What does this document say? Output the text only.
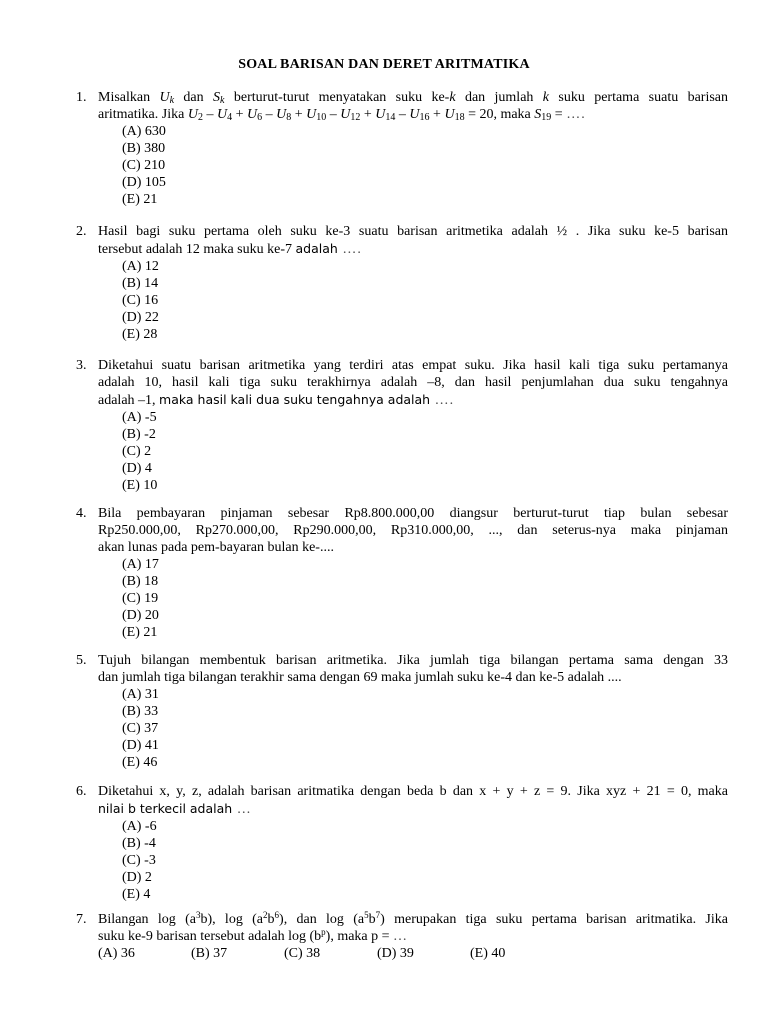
SOAL BARISAN DAN DERET ARITMATIKA
1. Misalkan $U_k$ dan $S_k$ berturut-turut menyatakan suku ke-k dan jumlah k suku pertama suatu barisan
aritmatika. Jika $U_2 - U_4 + U_6 - U_8 + U_{10} - U_{12} + U_{14} - U_{16} + U_{18} = 20$, maka $S_{19}$ = ….
(A) 630
(B) 380
(C) 210
(D) 105
(E) 21
2. Hasil bagi suku pertama oleh suku ke-3 suatu barisan aritmetika adalah ½ . Jika suku ke-5 barisan
tersebut adalah 12 maka suku ke-7 adalah ….
(A) 12
(B) 14
(C) 16
(D) 22
(E) 28
3. Diketahui suatu barisan aritmetika yang terdiri atas empat suku. Jika hasil kali tiga suku pertamanya
adalah 10, hasil kali tiga suku terakhirnya adalah –8, dan hasil penjumlahan dua suku tengahnya
adalah –1, maka hasil kali dua suku tengahnya adalah ….
(A) -5
(B) -2
(C) 2
(D) 4
(E) 10
4. Bila pembayaran pinjaman sebesar Rp8.800.000,00 diangsur berturut-turut tiap bulan sebesar
Rp250.000,00, Rp270.000,00, Rp290.000,00, Rp310.000,00, ..., dan seterus-nya maka pinjaman
akan lunas pada pem-bayaran bulan ke-....
(A) 17
(B) 18
(C) 19
(D) 20
(E) 21
5. Tujuh bilangan membentuk barisan aritmetika. Jika jumlah tiga bilangan pertama sama dengan 33
dan jumlah tiga bilangan terakhir sama dengan 69 maka jumlah suku ke-4 dan ke-5 adalah ....
(A) 31
(B) 33
(C) 37
(D) 41
(E) 46
6. Diketahui x, y, z, adalah barisan aritmatika dengan beda b dan x + y + z = 9. Jika xyz + 21 = 0, maka
nilai b terkecil adalah …
(A) -6
(B) -4
(C) -3
(D) 2
(E) 4
7. Bilangan $\log (a^3b)$, $\log (a^2b^6)$, dan $\log (a^5b^7)$ merupakan tiga suku pertama barisan aritmatika. Jika
suku ke-9 barisan tersebut adalah $\log (b^p)$, maka p = …
(A) 36	(B) 37	(C) 38	(D) 39	(E) 40
